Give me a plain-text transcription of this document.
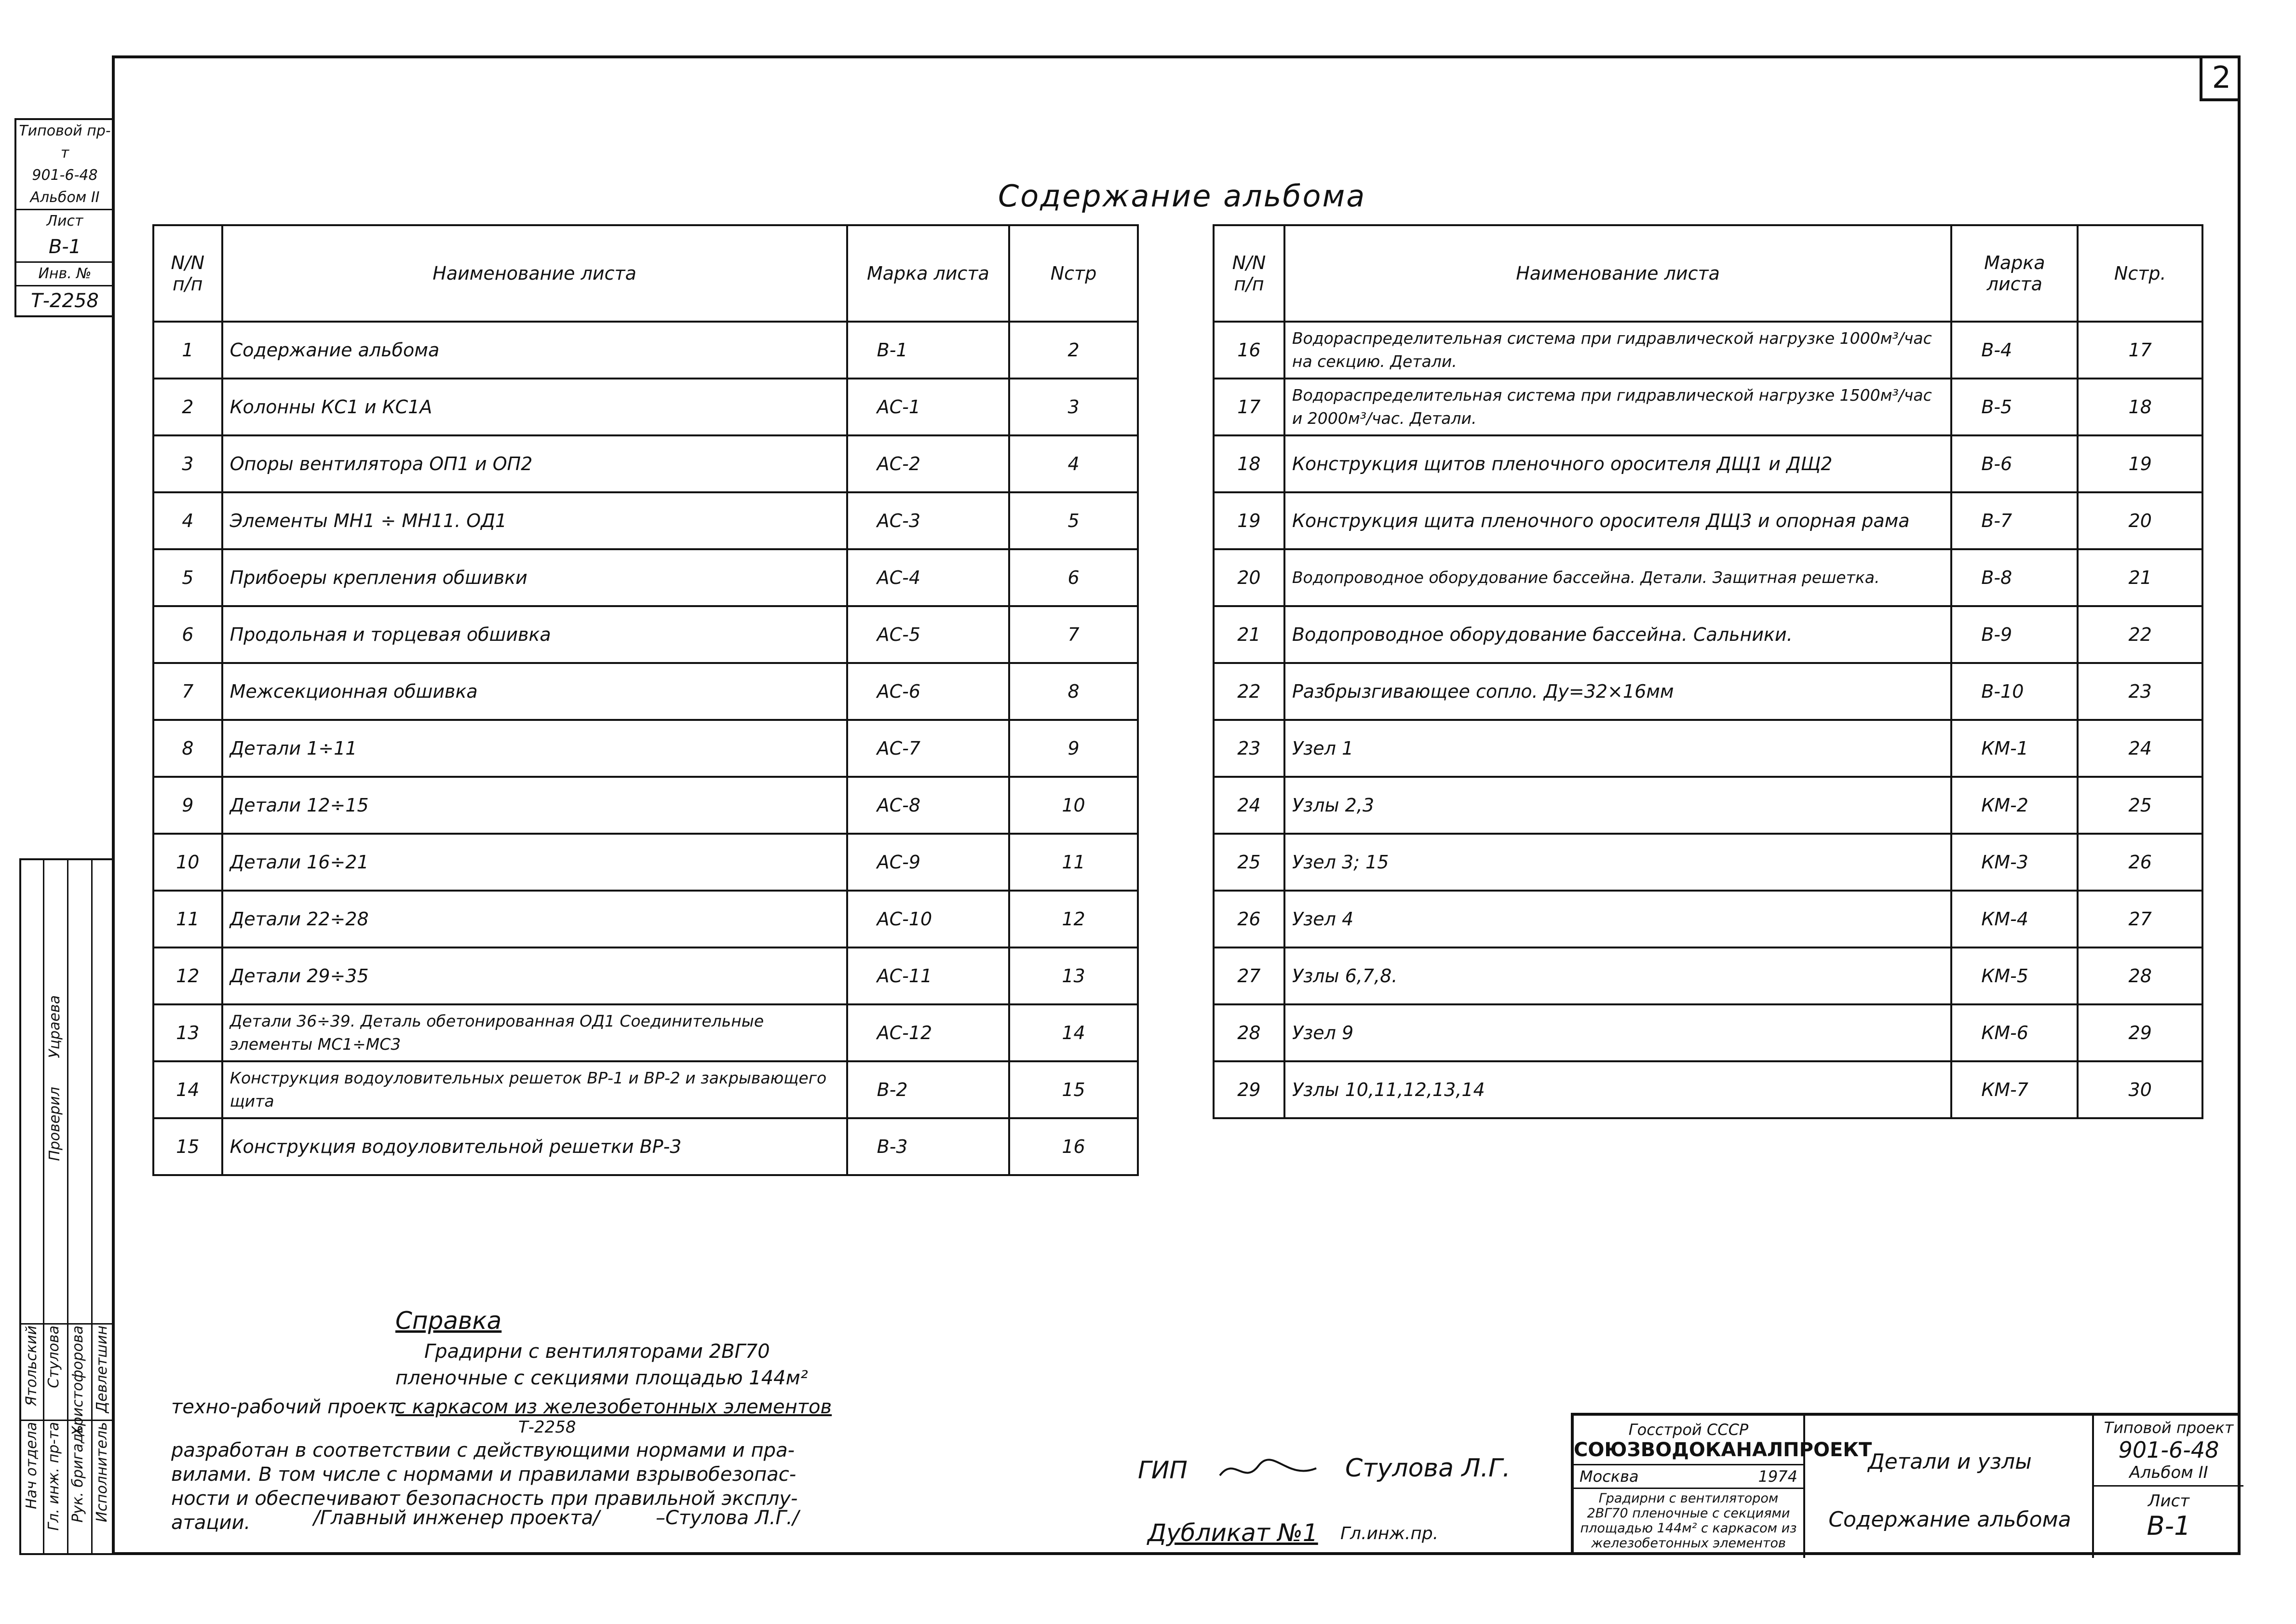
2
Содержание альбома
Типовой пр-т
901-6-48
Альбом II
Лист
В-1
Инв. №
Т-2258
Проверил
Уцраева
Нач отдела Гл. инж. пр-та Рук. бригады Исполнитель
Ятольский Стулова Христофорова Девлетшин
N/N п/п	Наименование листа	Марка листа	Nстр
1	Содержание альбома	В-1	2
2	Колонны КС1 и КС1А	АС-1	3
3	Опоры вентилятора ОП1 и ОП2	АС-2	4
4	Элементы МН1 ÷ МН11. ОД1	АС-3	5
5	Прибоеры крепления обшивки	АС-4	6
6	Продольная и торцевая обшивка	АС-5	7
7	Межсекционная обшивка	АС-6	8
8	Детали 1÷11	АС-7	9
9	Детали 12÷15	АС-8	10
10	Детали 16÷21	АС-9	11
11	Детали 22÷28	АС-10	12
12	Детали 29÷35	АС-11	13
13	Детали 36÷39. Деталь обетонированная ОД1 Соединительные элементы МС1÷МС3	АС-12	14
14	Конструкция водоуловительных решеток ВР-1 и ВР-2 и закрывающего щита	В-2	15
15	Конструкция водоуловительной решетки ВР-3	В-3	16
N/N п/п	Наименование листа	Марка листа	Nстр.
16	Водораспределительная система при гидравлической нагрузке 1000м³/час на секцию. Детали.	В-4	17
17	Водораспределительная система при гидравлической нагрузке 1500м³/час и 2000м³/час. Детали.	В-5	18
18	Конструкция щитов пленочного оросителя ДЩ1 и ДЩ2	В-6	19
19	Конструкция щита пленочного оросителя ДЩ3 и опорная рама	В-7	20
20	Водопроводное оборудование бассейна. Детали. Защитная решетка.	В-8	21
21	Водопроводное оборудование бассейна. Сальники.	В-9	22
22	Разбрызгивающее сопло. Ду=32×16мм	В-10	23
23	Узел 1	КМ-1	24
24	Узлы 2,3	КМ-2	25
25	Узел 3; 15	КМ-3	26
26	Узел 4	КМ-4	27
27	Узлы 6,7,8.	КМ-5	28
28	Узел 9	КМ-6	29
29	Узлы 10,11,12,13,14	КМ-7	30
Справка
Градирни с вентиляторами 2ВГ70
пленочные с секциями площадью 144м²
техно-рабочий проект
с каркасом из железобетонных элементов
Т-2258
разработан в соответствии с действующими нормами и пра-
вилами. В том числе с нормами и правилами взрывобезопас-
ности и обеспечивают безопасность при правильной эксплу-
атации.	/Главный инженер проекта/	–Стулова Л.Г./
ГИП	Стулова Л.Г.
Дубликат №1 Гл.инж.пр.
Госстрой СССР
СОЮЗВОДОКАНАЛПРОЕКТ
Москва	1974
Градирни с вентилятором 2ВГ70 пленочные с секциями площадью 144м² с каркасом из железобетонных элементов
Детали и узлы
Содержание альбома
Типовой проект
901-6-48
Альбом II
Лист
В-1
